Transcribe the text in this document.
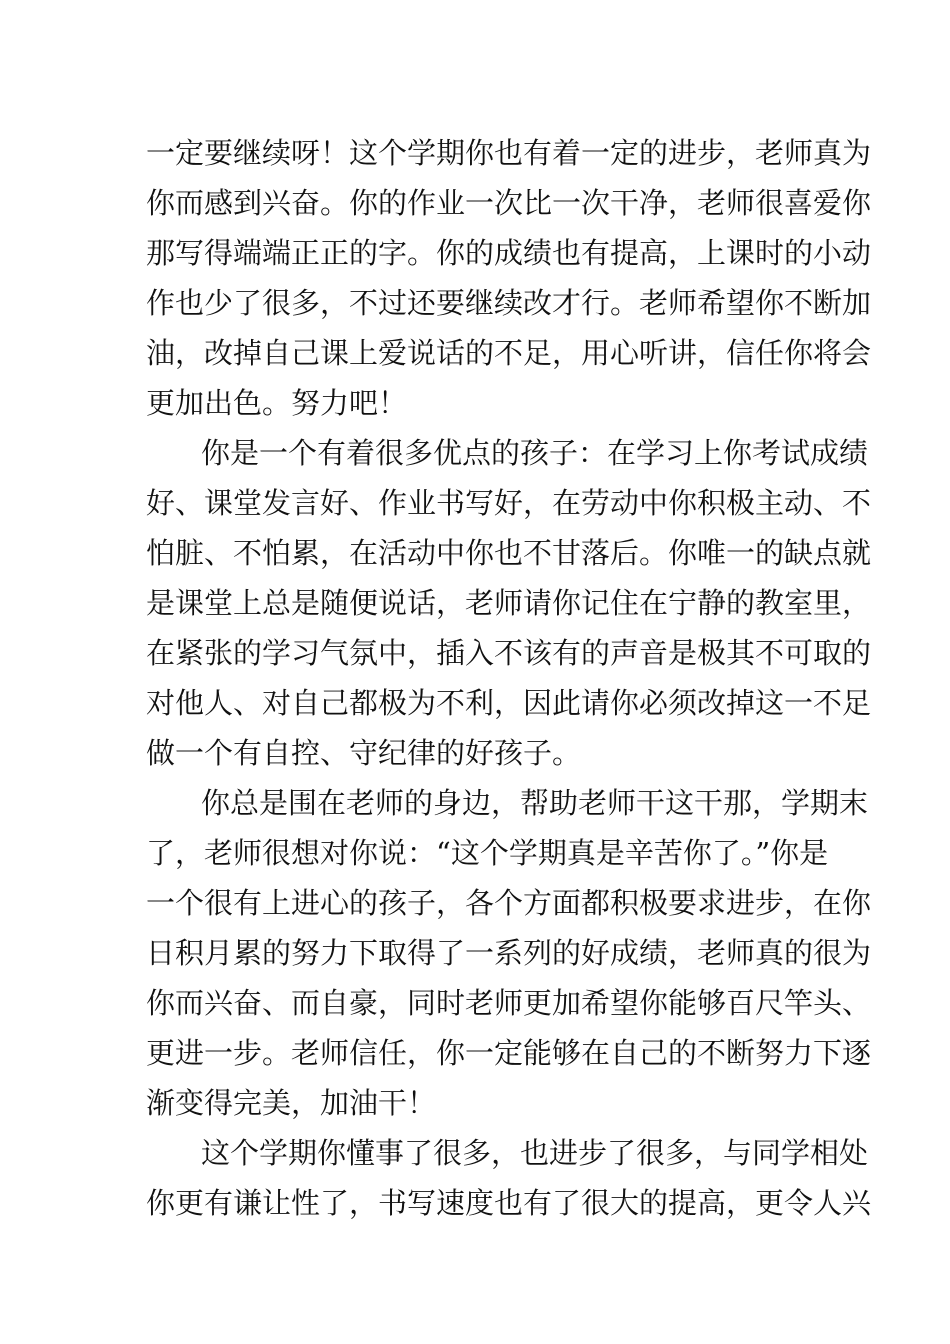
一定要继续呀！这个学期你也有着一定的进步，老师真为
你而感到兴奋。你的作业一次比一次干净，老师很喜爱你
那写得端端正正的字。你的成绩也有提高，上课时的小动
作也少了很多，不过还要继续改才行。老师希望你不断加
油，改掉自己课上爱说话的不足，用心听讲，信任你将会
更加出色。努力吧！
你是一个有着很多优点的孩子：在学习上你考试成绩
好、课堂发言好、作业书写好，在劳动中你积极主动、不
怕脏、不怕累，在活动中你也不甘落后。你唯一的缺点就
是课堂上总是随便说话，老师请你记住在宁静的教室里，
在紧张的学习气氛中，插入不该有的声音是极其不可取的
对他人、对自己都极为不利，因此请你必须改掉这一不足
做一个有自控、守纪律的好孩子。
你总是围在老师的身边，帮助老师干这干那，学期末
了，老师很想对你说：“这个学期真是辛苦你了。”你是
一个很有上进心的孩子，各个方面都积极要求进步，在你
日积月累的努力下取得了一系列的好成绩，老师真的很为
你而兴奋、而自豪，同时老师更加希望你能够百尺竿头、
更进一步。老师信任，你一定能够在自己的不断努力下逐
渐变得完美，加油干！
这个学期你懂事了很多，也进步了很多，与同学相处
你更有谦让性了，书写速度也有了很大的提高，更令人兴
